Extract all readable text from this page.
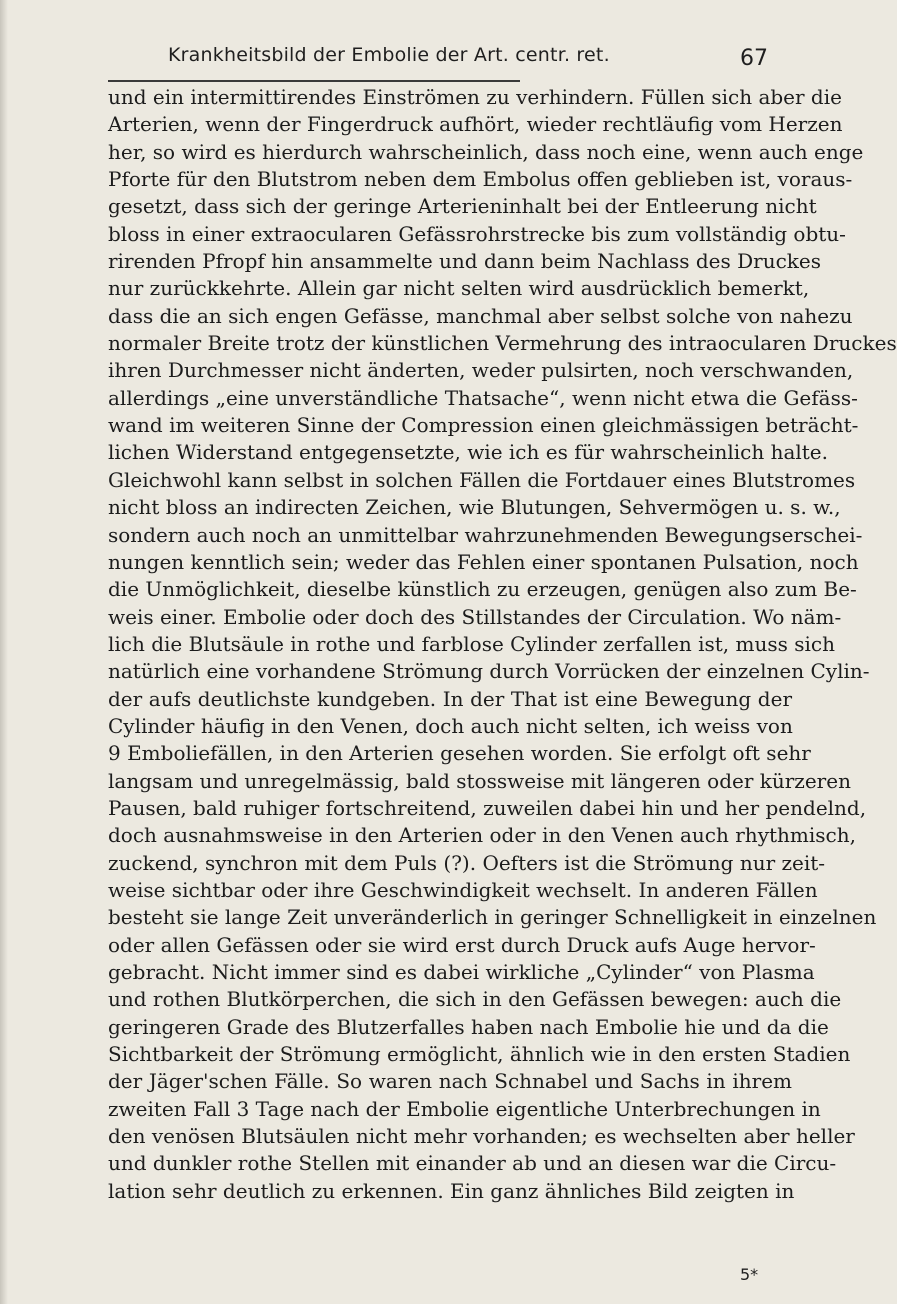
Krankheitsbild der Embolie der Art. centr. ret.	67
und ein intermittirendes Einströmen zu verhindern. Füllen sich aber die
Arterien, wenn der Fingerdruck aufhört, wieder rechtläufig vom Herzen
her, so wird es hierdurch wahrscheinlich, dass noch eine, wenn auch enge
Pforte für den Blutstrom neben dem Embolus offen geblieben ist, voraus-
gesetzt, dass sich der geringe Arterieninhalt bei der Entleerung nicht
bloss in einer extraocularen Gefässrohrstrecke bis zum vollständig obtu-
rirenden Pfropf hin ansammelte und dann beim Nachlass des Druckes
nur zurückkehrte. Allein gar nicht selten wird ausdrücklich bemerkt,
dass die an sich engen Gefässe, manchmal aber selbst solche von nahezu
normaler Breite trotz der künstlichen Vermehrung des intraocularen Druckes
ihren Durchmesser nicht änderten, weder pulsirten, noch verschwanden,
allerdings „eine unverständliche Thatsache“, wenn nicht etwa die Gefäss-
wand im weiteren Sinne der Compression einen gleichmässigen beträcht-
lichen Widerstand entgegensetzte, wie ich es für wahrscheinlich halte.
Gleichwohl kann selbst in solchen Fällen die Fortdauer eines Blutstromes
nicht bloss an indirecten Zeichen, wie Blutungen, Sehvermögen u. s. w.,
sondern auch noch an unmittelbar wahrzunehmenden Bewegungserschei-
nungen kenntlich sein; weder das Fehlen einer spontanen Pulsation, noch
die Unmöglichkeit, dieselbe künstlich zu erzeugen, genügen also zum Be-
weis einer. Embolie oder doch des Stillstandes der Circulation. Wo näm-
lich die Blutsäule in rothe und farblose Cylinder zerfallen ist, muss sich
natürlich eine vorhandene Strömung durch Vorrücken der einzelnen Cylin-
der aufs deutlichste kundgeben. In der That ist eine Bewegung der
Cylinder häufig in den Venen, doch auch nicht selten, ich weiss von
9 Emboliefällen, in den Arterien gesehen worden. Sie erfolgt oft sehr
langsam und unregelmässig, bald stossweise mit längeren oder kürzeren
Pausen, bald ruhiger fortschreitend, zuweilen dabei hin und her pendelnd,
doch ausnahmsweise in den Arterien oder in den Venen auch rhythmisch,
zuckend, synchron mit dem Puls (?). Oefters ist die Strömung nur zeit-
weise sichtbar oder ihre Geschwindigkeit wechselt. In anderen Fällen
besteht sie lange Zeit unveränderlich in geringer Schnelligkeit in einzelnen
oder allen Gefässen oder sie wird erst durch Druck aufs Auge hervor-
gebracht. Nicht immer sind es dabei wirkliche „Cylinder“ von Plasma
und rothen Blutkörperchen, die sich in den Gefässen bewegen: auch die
geringeren Grade des Blutzerfalles haben nach Embolie hie und da die
Sichtbarkeit der Strömung ermöglicht, ähnlich wie in den ersten Stadien
der Jäger'schen Fälle. So waren nach Schnabel und Sachs in ihrem
zweiten Fall 3 Tage nach der Embolie eigentliche Unterbrechungen in
den venösen Blutsäulen nicht mehr vorhanden; es wechselten aber heller
und dunkler rothe Stellen mit einander ab und an diesen war die Circu-
lation sehr deutlich zu erkennen. Ein ganz ähnliches Bild zeigten in
5*
